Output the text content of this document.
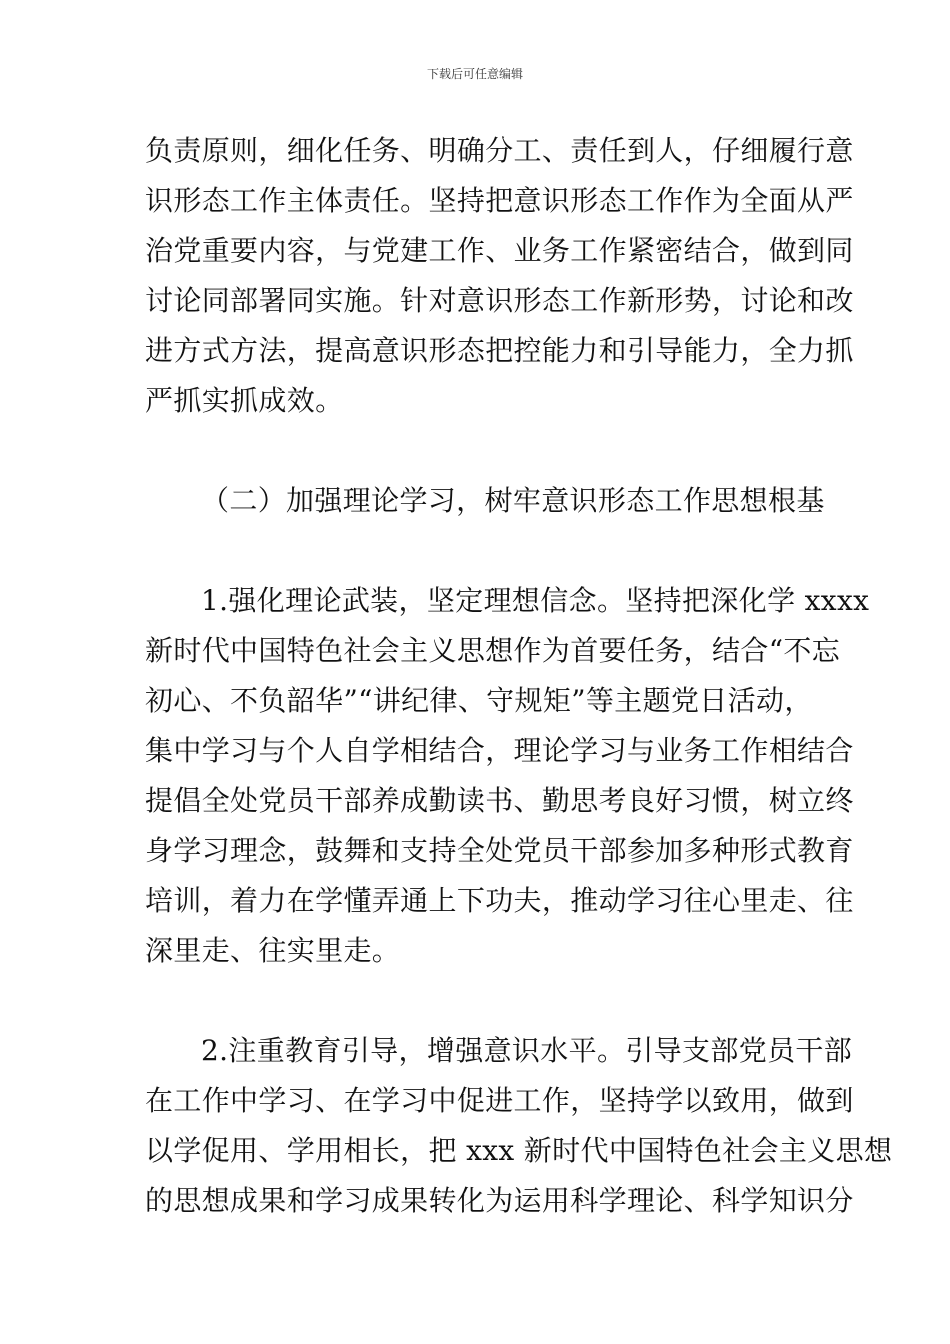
下载后可任意编辑
负责原则，细化任务、明确分工、责任到人，仔细履行意
识形态工作主体责任。坚持把意识形态工作作为全面从严
治党重要内容，与党建工作、业务工作紧密结合，做到同
讨论同部署同实施。针对意识形态工作新形势，讨论和改
进方式方法，提高意识形态把控能力和引导能力，全力抓
严抓实抓成效。
（二）加强理论学习，树牢意识形态工作思想根基
1.强化理论武装，坚定理想信念。坚持把深化学 xxxx
新时代中国特色社会主义思想作为首要任务，结合“不忘
初心、不负韶华”“讲纪律、守规矩”等主题党日活动，
集中学习与个人自学相结合，理论学习与业务工作相结合
提倡全处党员干部养成勤读书、勤思考良好习惯，树立终
身学习理念，鼓舞和支持全处党员干部参加多种形式教育
培训，着力在学懂弄通上下功夫，推动学习往心里走、往
深里走、往实里走。
2.注重教育引导，增强意识水平。引导支部党员干部
在工作中学习、在学习中促进工作，坚持学以致用，做到
以学促用、学用相长，把 xxx 新时代中国特色社会主义思想
的思想成果和学习成果转化为运用科学理论、科学知识分
